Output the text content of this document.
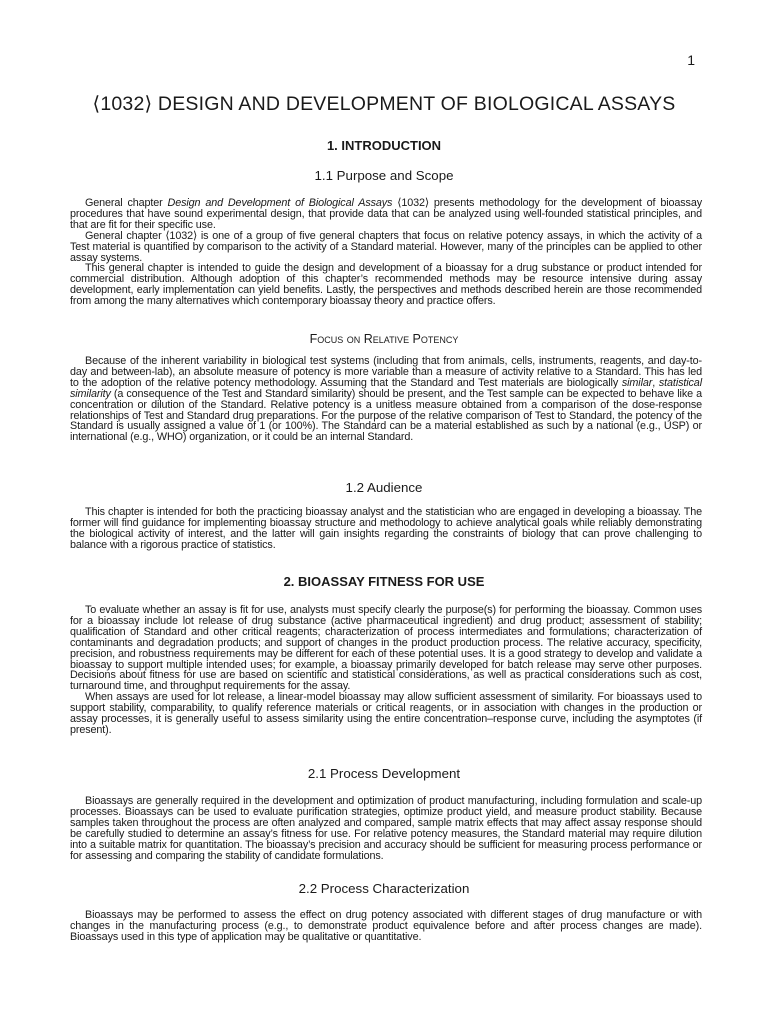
1
⟨1032⟩ DESIGN AND DEVELOPMENT OF BIOLOGICAL ASSAYS
1. INTRODUCTION
1.1 Purpose and Scope

General chapter Design and Development of Biological Assays ⟨1032⟩ presents methodology for the development of bioassay procedures that have sound experimental design, that provide data that can be analyzed using well-founded statistical principles, and that are fit for their specific use.

General chapter ⟨1032⟩ is one of a group of five general chapters that focus on relative potency assays, in which the activity of a Test material is quantified by comparison to the activity of a Standard material. However, many of the principles can be applied to other assay systems.

This general chapter is intended to guide the design and development of a bioassay for a drug substance or product intended for commercial distribution. Although adoption of this chapter’s recommended methods may be resource intensive during assay development, early implementation can yield benefits. Lastly, the perspectives and methods described herein are those recommended from among the many alternatives which contemporary bioassay theory and practice offers.

Focus on Relative Potency

Because of the inherent variability in biological test systems (including that from animals, cells, instruments, reagents, and day-to-day and between-lab), an absolute measure of potency is more variable than a measure of activity relative to a Standard. This has led to the adoption of the relative potency methodology. Assuming that the Standard and Test materials are biologically similar, statistical similarity (a consequence of the Test and Standard similarity) should be present, and the Test sample can be expected to behave like a concentration or dilution of the Standard. Relative potency is a unitless measure obtained from a comparison of the dose-response relationships of Test and Standard drug preparations. For the purpose of the relative comparison of Test to Standard, the potency of the Standard is usually assigned a value of 1 (or 100%). The Standard can be a material established as such by a national (e.g., USP) or international (e.g., WHO) organization, or it could be an internal Standard.

1.2 Audience

This chapter is intended for both the practicing bioassay analyst and the statistician who are engaged in developing a bioassay. The former will find guidance for implementing bioassay structure and methodology to achieve analytical goals while reliably demonstrating the biological activity of interest, and the latter will gain insights regarding the constraints of biology that can prove challenging to balance with a rigorous practice of statistics.

2. BIOASSAY FITNESS FOR USE

To evaluate whether an assay is fit for use, analysts must specify clearly the purpose(s) for performing the bioassay. Common uses for a bioassay include lot release of drug substance (active pharmaceutical ingredient) and drug product; assessment of stability; qualification of Standard and other critical reagents; characterization of process intermediates and formulations; characterization of contaminants and degradation products; and support of changes in the product production process. The relative accuracy, specificity, precision, and robustness requirements may be different for each of these potential uses. It is a good strategy to develop and validate a bioassay to support multiple intended uses; for example, a bioassay primarily developed for batch release may serve other purposes. Decisions about fitness for use are based on scientific and statistical considerations, as well as practical considerations such as cost, turnaround time, and throughput requirements for the assay.

When assays are used for lot release, a linear-model bioassay may allow sufficient assessment of similarity. For bioassays used to support stability, comparability, to qualify reference materials or critical reagents, or in association with changes in the production or assay processes, it is generally useful to assess similarity using the entire concentration–response curve, including the asymptotes (if present).

2.1 Process Development

Bioassays are generally required in the development and optimization of product manufacturing, including formulation and scale-up processes. Bioassays can be used to evaluate purification strategies, optimize product yield, and measure product stability. Because samples taken throughout the process are often analyzed and compared, sample matrix effects that may affect assay response should be carefully studied to determine an assay’s fitness for use. For relative potency measures, the Standard material may require dilution into a suitable matrix for quantitation. The bioassay’s precision and accuracy should be sufficient for measuring process performance or for assessing and comparing the stability of candidate formulations.

2.2 Process Characterization

Bioassays may be performed to assess the effect on drug potency associated with different stages of drug manufacture or with changes in the manufacturing process (e.g., to demonstrate product equivalence before and after process changes are made). Bioassays used in this type of application may be qualitative or quantitative.
